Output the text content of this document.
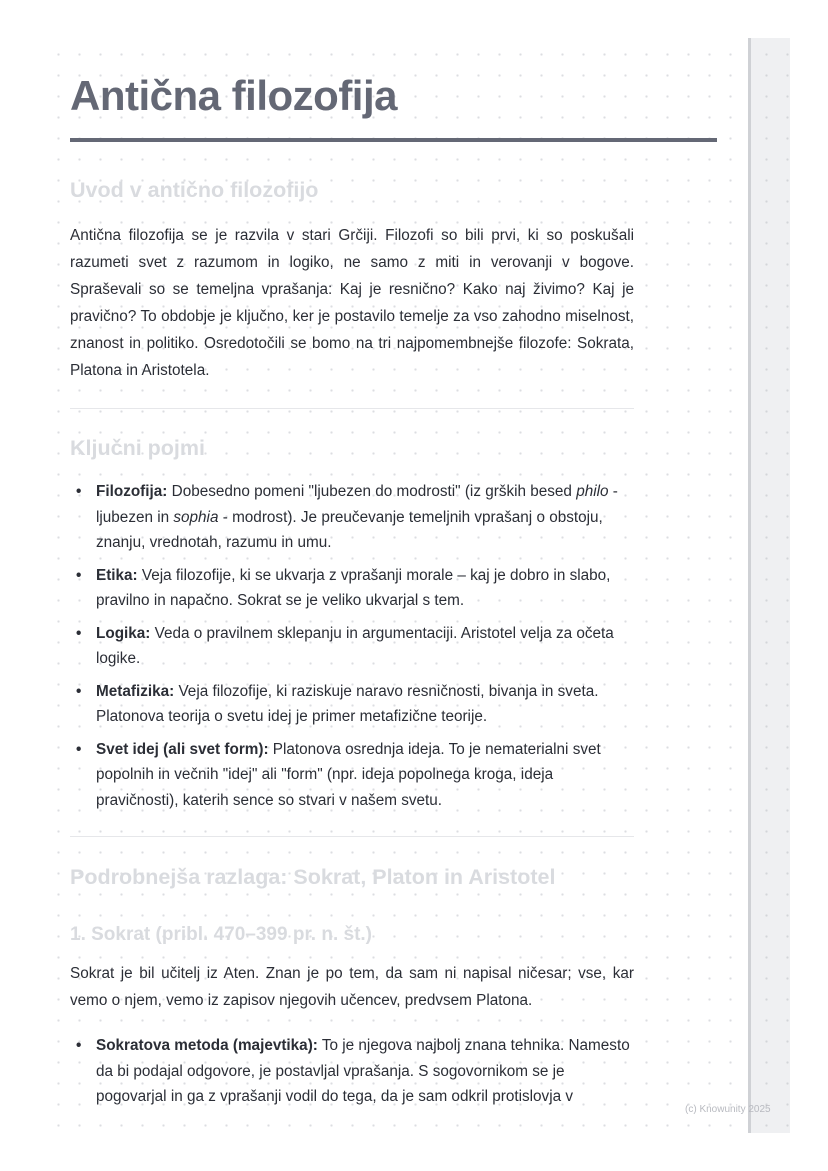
Antična filozofija
Uvod v antično filozofijo

Antična filozofija se je razvila v stari Grčiji. Filozofi so bili prvi, ki so poskušali razumeti svet z razumom in logiko, ne samo z miti in verovanji v bogove. Spraševali so se temeljna vprašanja: Kaj je resnično? Kako naj živimo? Kaj je pravično? To obdobje je ključno, ker je postavilo temelje za vso zahodno miselnost, znanost in politiko. Osredotočili se bomo na tri najpomembnejše filozofe: Sokrata, Platona in Aristotela.

Ključni pojmi
• Filozofija: Dobesedno pomeni "ljubezen do modrosti" (iz grških besed philo - ljubezen in sophia - modrost). Je preučevanje temeljnih vprašanj o obstoju, znanju, vrednotah, razumu in umu.
• Etika: Veja filozofije, ki se ukvarja z vprašanji morale – kaj je dobro in slabo, pravilno in napačno. Sokrat se je veliko ukvarjal s tem.
• Logika: Veda o pravilnem sklepanju in argumentaciji. Aristotel velja za očeta logike.
• Metafizika: Veja filozofije, ki raziskuje naravo resničnosti, bivanja in sveta. Platonova teorija o svetu idej je primer metafizične teorije.
• Svet idej (ali svet form): Platonova osrednja ideja. To je nematerialni svet popolnih in večnih "idej" ali "form" (npr. ideja popolnega kroga, ideja pravičnosti), katerih sence so stvari v našem svetu.
Podrobnejša razlaga: Sokrat, Platon in Aristotel
1. Sokrat (pribl. 470–399 pr. n. št.)

Sokrat je bil učitelj iz Aten. Znan je po tem, da sam ni napisal ničesar; vse, kar vemo o njem, vemo iz zapisov njegovih učencev, predvsem Platona.

• Sokratova metoda (majevtika): To je njegova najbolj znana tehnika. Namesto da bi podajal odgovore, je postavljal vprašanja. S sogovornikom se je pogovarjal in ga z vprašanji vodil do tega, da je sam odkril protislovja v
(c) Knowunity 2025
